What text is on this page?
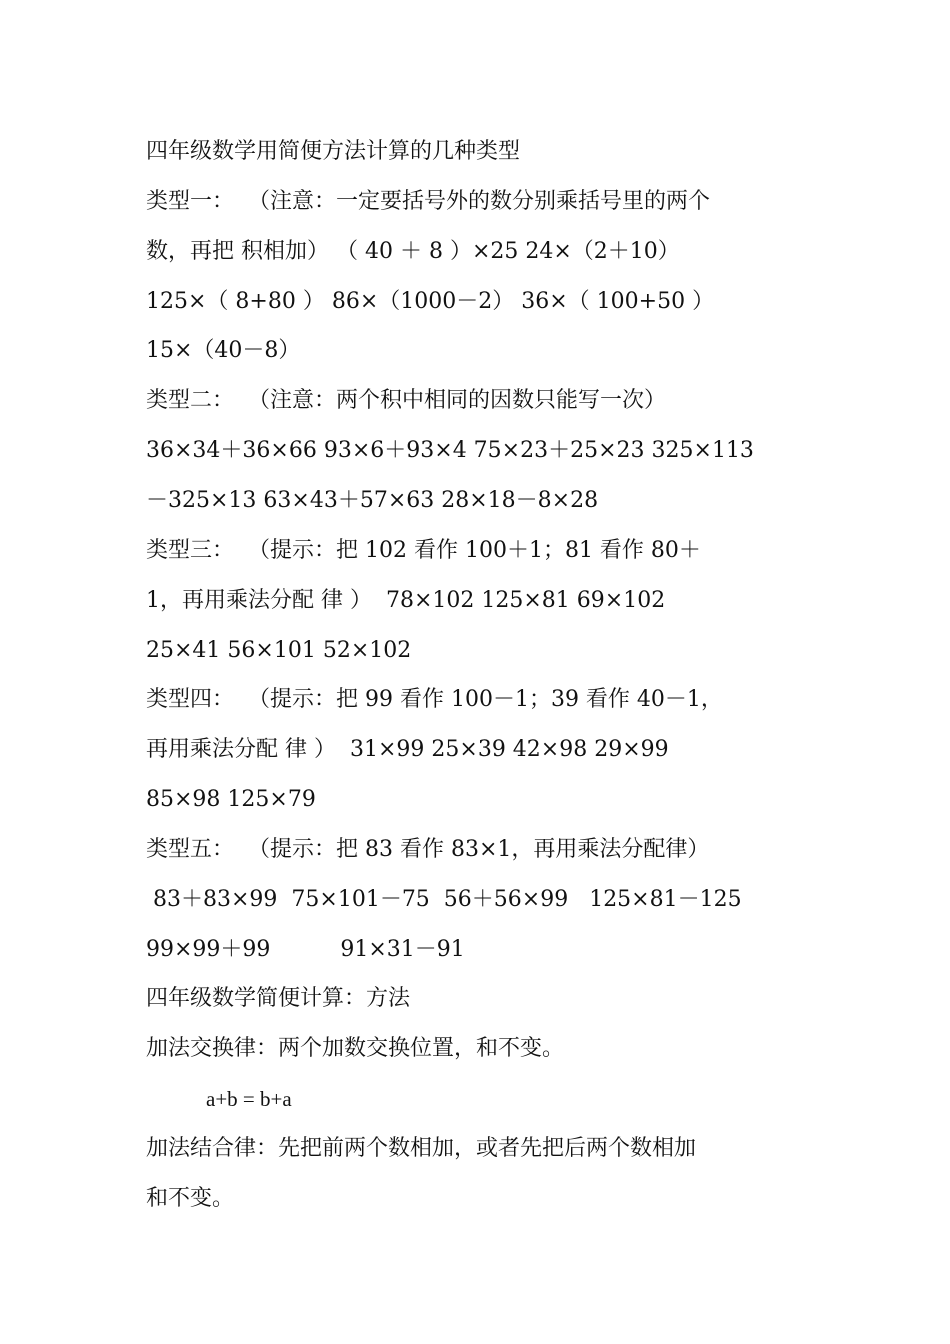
四年级数学用简便方法计算的几种类型
类型一：  （注意：一定要括号外的数分别乘括号里的两个
数，再把 积相加） （ 40 ＋ 8 ）×25 24×（2＋10）
125×（ 8+80 ） 86×（1000－2） 36×（ 100+50 ）
15×（40－8）
类型二：  （注意：两个积中相同的因数只能写一次）
36×34＋36×66 93×6＋93×4 75×23＋25×23 325×113
－325×13 63×43＋57×63 28×18－8×28
类型三：  （提示：把 102 看作 100＋1；81 看作 80＋
1，再用乘法分配 律 ）  78×102 125×81 69×102
25×41 56×101 52×102
类型四：  （提示：把 99 看作 100－1；39 看作 40－1，
再用乘法分配 律 ）  31×99 25×39 42×98 29×99
85×98 125×79
类型五：  （提示：把 83 看作 83×1，再用乘法分配律）
83＋83×99  75×101－75  56＋56×99   125×81－125
99×99＋99          91×31－91
四年级数学简便计算：方法
加法交换律：两个加数交换位置，和不变。
a+b = b+a
加法结合律：先把前两个数相加，或者先把后两个数相加
和不变。
